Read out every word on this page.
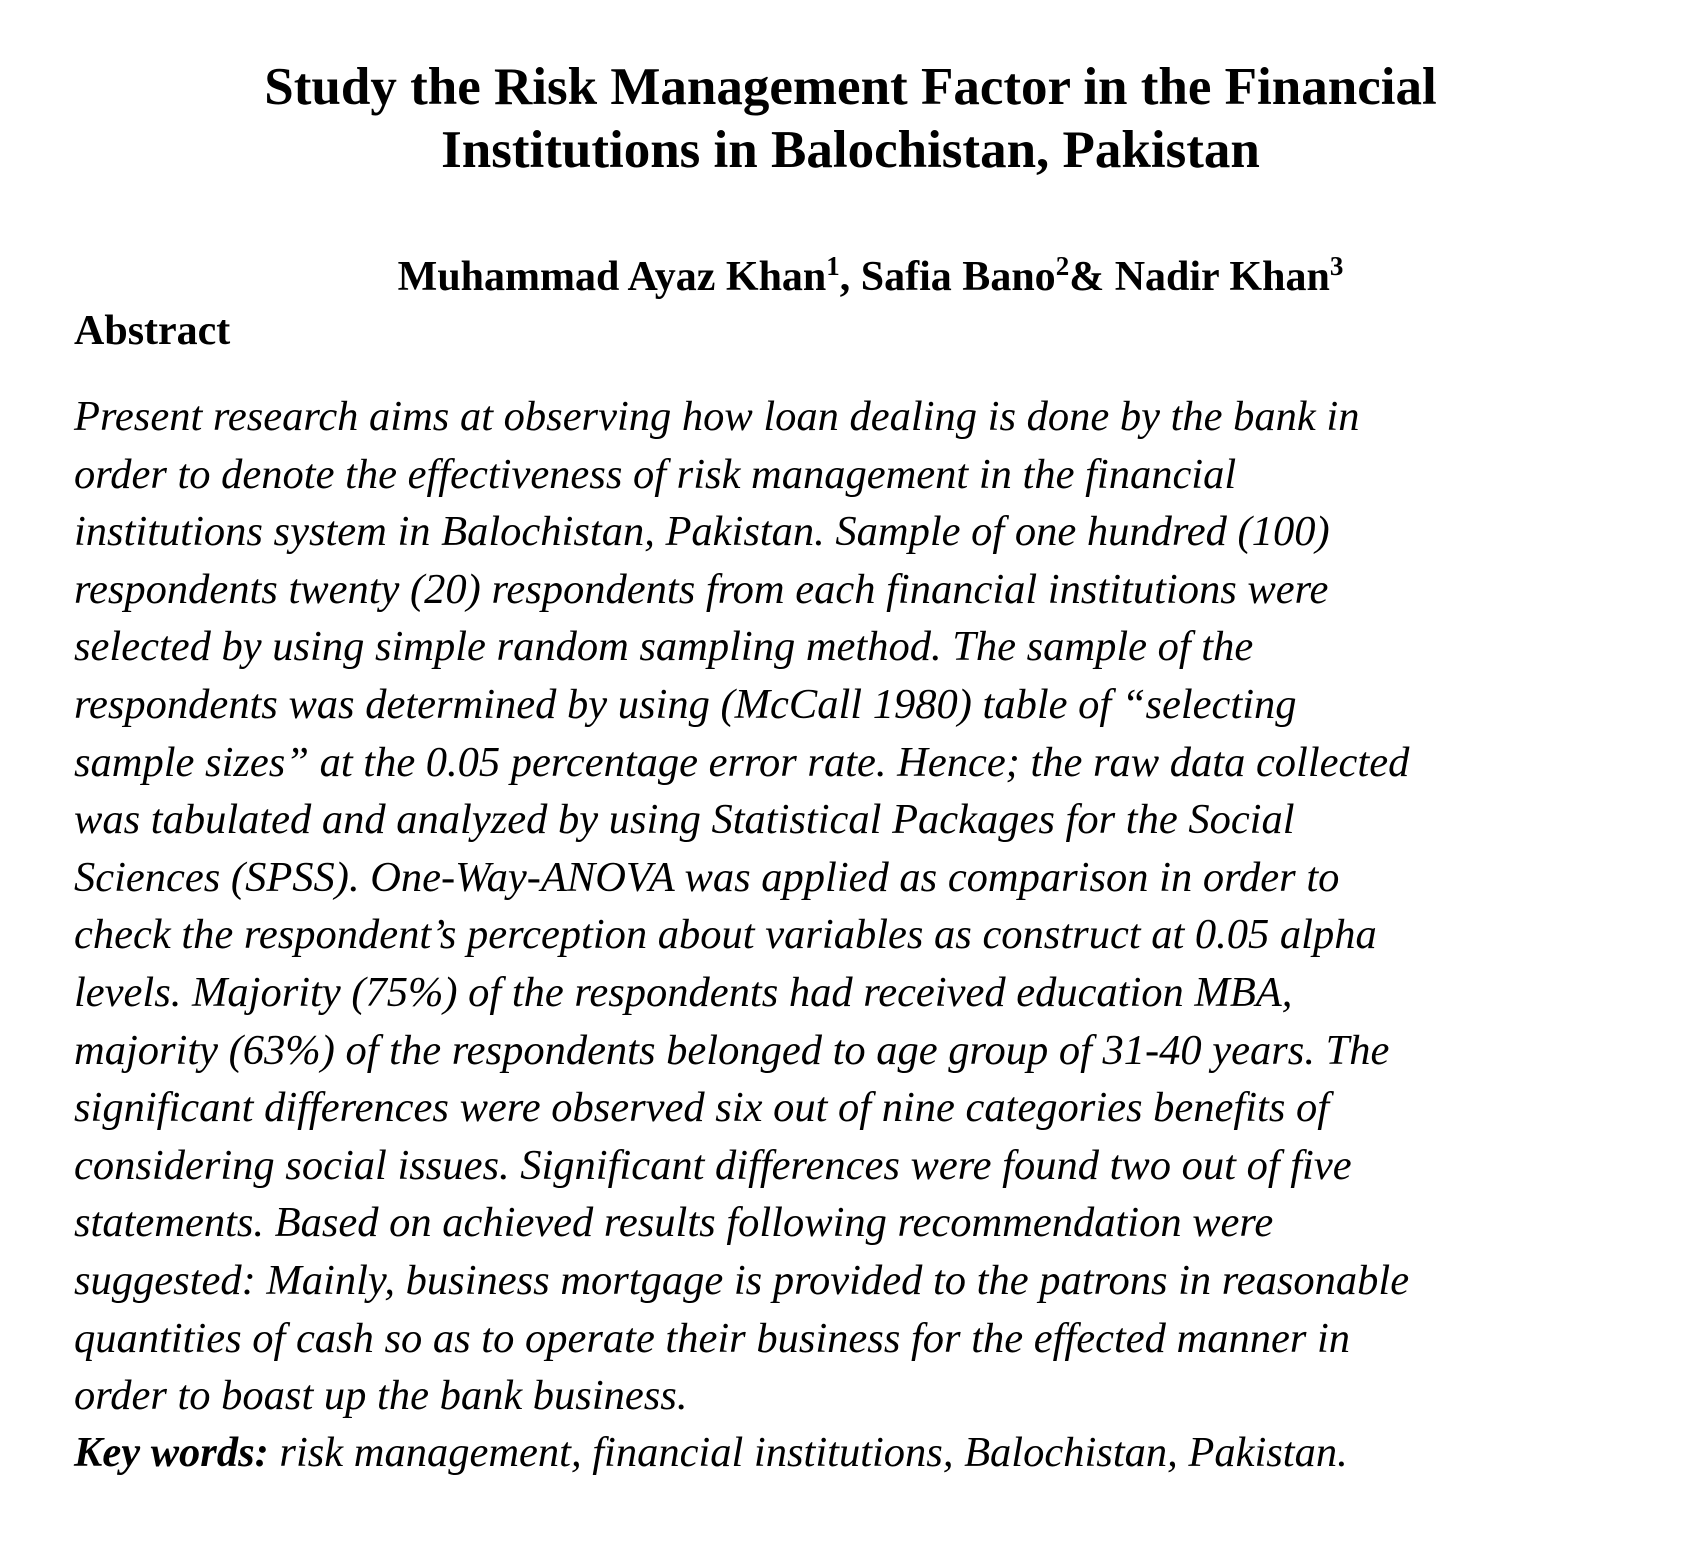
Study the Risk Management Factor in the Financial
Institutions in Balochistan, Pakistan
Muhammad Ayaz Khan$^1$, Safia Bano$^2$& Nadir Khan$^3$
Abstract
Present research aims at observing how loan dealing is done by the bank in
order to denote the effectiveness of risk management in the financial
institutions system in Balochistan, Pakistan. Sample of one hundred (100)
respondents twenty (20) respondents from each financial institutions were
selected by using simple random sampling method. The sample of the
respondents was determined by using (McCall 1980) table of “selecting
sample sizes” at the 0.05 percentage error rate. Hence; the raw data collected
was tabulated and analyzed by using Statistical Packages for the Social
Sciences (SPSS). One-Way-ANOVA was applied as comparison in order to
check the respondent’s perception about variables as construct at 0.05 alpha
levels. Majority (75%) of the respondents had received education MBA,
majority (63%) of the respondents belonged to age group of 31-40 years. The
significant differences were observed six out of nine categories benefits of
considering social issues. Significant differences were found two out of five
statements. Based on achieved results following recommendation were
suggested: Mainly, business mortgage is provided to the patrons in reasonable
quantities of cash so as to operate their business for the effected manner in
order to boast up the bank business.
Key words: risk management, financial institutions, Balochistan, Pakistan.
